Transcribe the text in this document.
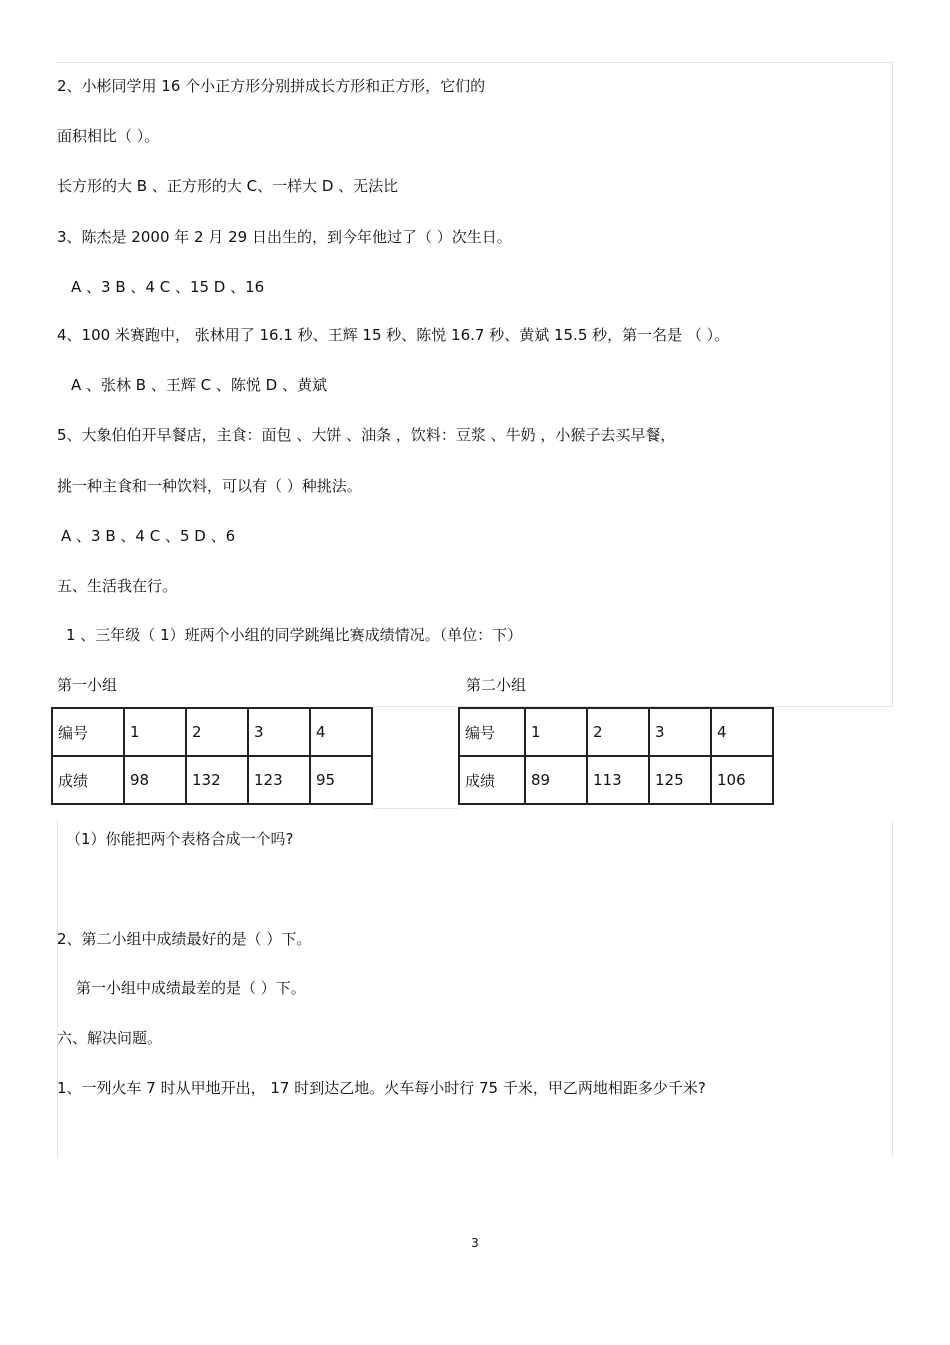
2、小彬同学用 16 个小正方形分别拼成长方形和正方形，它们的
面积相比（ ）。
长方形的大 B 、正方形的大 C、一样大 D 、无法比
3、陈杰是 2000 年 2 月 29 日出生的，到今年他过了（ ）次生日。
A 、3 B 、4 C 、15 D 、16
4、100 米赛跑中， 张林用了 16.1 秒、王辉 15 秒、陈悦 16.7 秒、黄斌 15.5 秒，第一名是 （ ）。
A 、张林 B 、王辉 C 、陈悦 D 、黄斌
5、大象伯伯开早餐店，主食：面包 、大饼 、油条 ，饮料：豆浆 、牛奶 ，小猴子去买早餐，
挑一种主食和一种饮料，可以有（ ）种挑法。
A 、3 B 、4 C 、5 D 、6
五、生活我在行。
1 、三年级（ 1）班两个小组的同学跳绳比赛成绩情况。（单位：下）
第一小组	第二小组
编号	1	2	3	4
成绩	98	132	123	95
编号	1	2	3	4
成绩	89	113	125	106
（1）你能把两个表格合成一个吗?
2、第二小组中成绩最好的是（ ）下。
第一小组中成绩最差的是（ ）下。
六、解决问题。
1、一列火车 7 时从甲地开出， 17 时到达乙地。火车每小时行 75 千米，甲乙两地相距多少千米?
3
